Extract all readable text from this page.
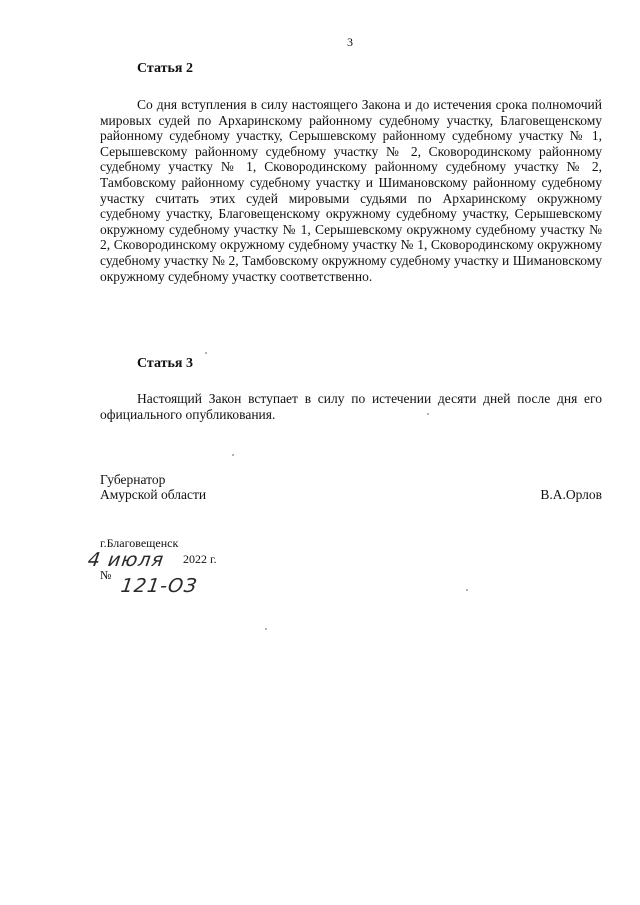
3
Статья 2

Со дня вступления в силу настоящего Закона и до истечения срока полномочий мировых судей по Архаринскому районному судебному участку, Благовещенскому районному судебному участку, Серышевскому районному судебному участку № 1, Серышевскому районному судебному участку № 2, Сковородинскому районному судебному участку № 1, Сковородинскому районному судебному участку № 2, Тамбовскому районному судебному участку и Шимановскому районному судебному участку считать этих судей мировыми судьями по Архаринскому окружному судебному участку, Благовещенскому окружному судебному участку, Серышевскому окружному судебному участку № 1, Серышевскому окружному судебному участку № 2, Сковородинскому окружному судебному участку № 1, Сковородинскому окружному судебному участку № 2, Тамбовскому окружному судебному участку и Шимановскому окружному судебному участку соответственно.

Статья 3

Настоящий Закон вступает в силу по истечении десяти дней после дня его официального опубликования.

Губернатор
Амурской области	В.А.Орлов
г.Благовещенск
4 июля 2022 г.
№ 121-ОЗ
